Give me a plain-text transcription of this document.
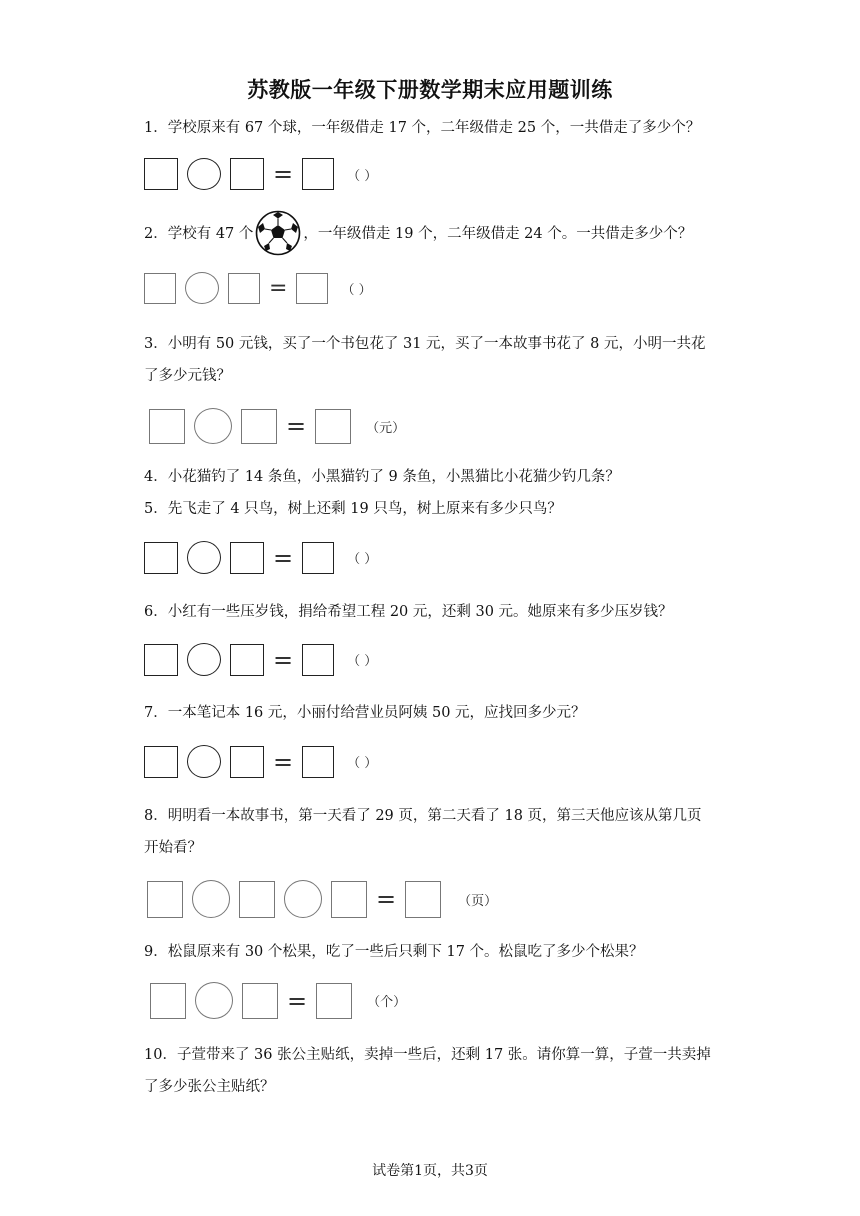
苏教版一年级下册数学期末应用题训练
1．学校原来有 67 个球，一年级借走 17 个，二年级借走 25 个，一共借走了多少个？
=	（ ）
2．学校有 47 个	，一年级借走 19 个，二年级借走 24 个。一共借走多少个？
=	（ ）
3．小明有 50 元钱，买了一个书包花了 31 元，买了一本故事书花了 8 元，小明一共花
了多少元钱？
=	（元）
4．小花猫钓了 14 条鱼，小黑猫钓了 9 条鱼，小黑猫比小花猫少钓几条？
5．先飞走了 4 只鸟，树上还剩 19 只鸟，树上原来有多少只鸟？
=	（ ）
6．小红有一些压岁钱，捐给希望工程 20 元，还剩 30 元。她原来有多少压岁钱？
=	（ ）
7．一本笔记本 16 元，小丽付给营业员阿姨 50 元，应找回多少元？
=	（ ）
8．明明看一本故事书，第一天看了 29 页，第二天看了 18 页，第三天他应该从第几页
开始看？
=	（页）
9．松鼠原来有 30 个松果，吃了一些后只剩下 17 个。松鼠吃了多少个松果？
=	（个）
10．子萱带来了 36 张公主贴纸，卖掉一些后，还剩 17 张。请你算一算，子萱一共卖掉
了多少张公主贴纸？
试卷第1页，共3页
